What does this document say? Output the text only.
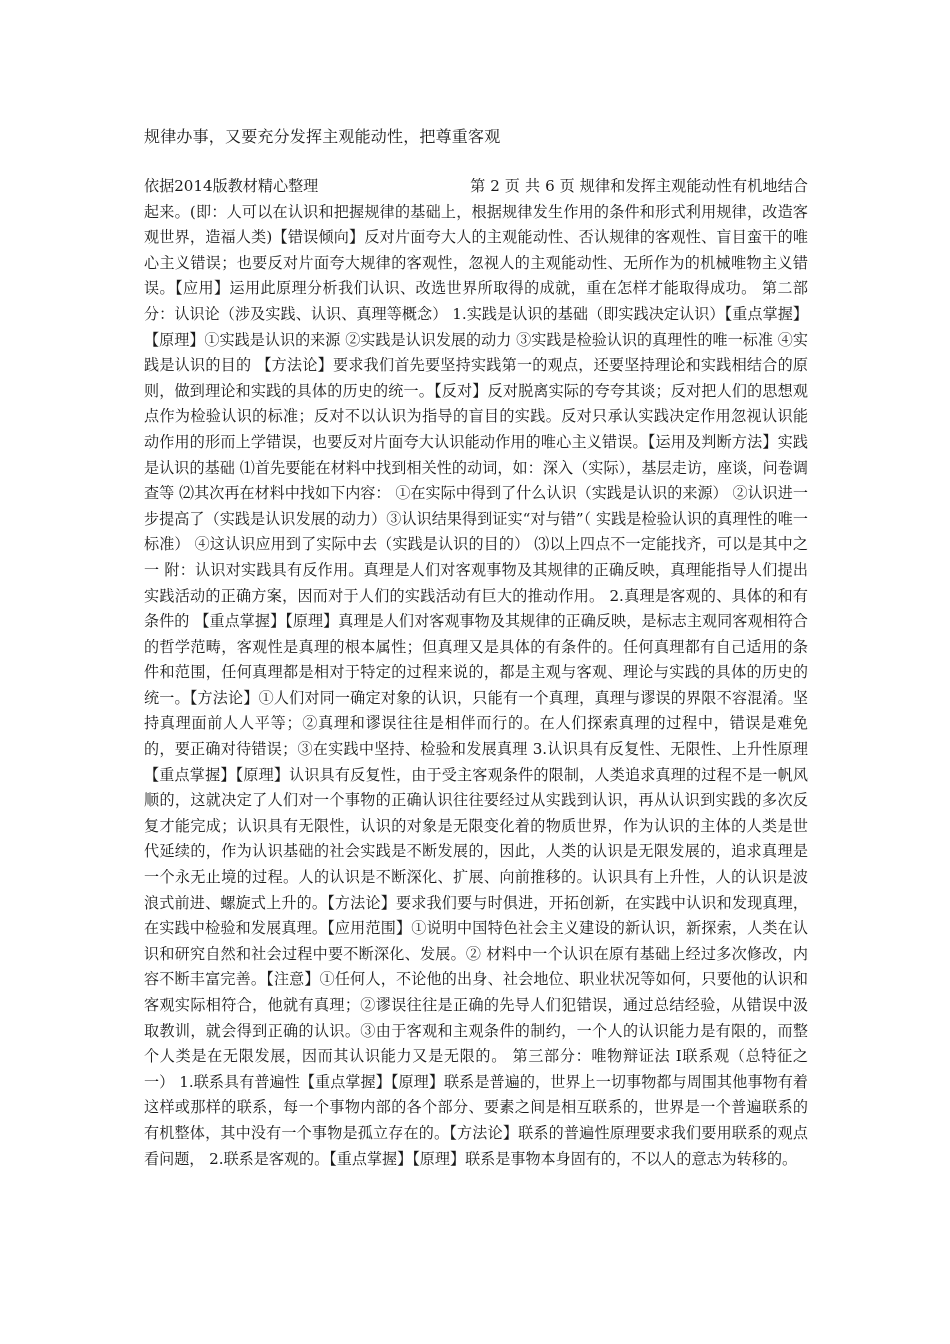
规律办事，又要充分发挥主观能动性，把尊重客观
依据2014版教材精心整理	第 2 页 共 6 页 规律和发挥主观能动性有机地结合起来。(即：人可以在认识和把握规律的基础上，根据规律发生作用的条件和形式利用规律，改造客观世界，造福人类)【错误倾向】反对片面夸大人的主观能动性、否认规律的客观性、盲目蛮干的唯心主义错误；也要反对片面夸大规律的客观性，忽视人的主观能动性、无所作为的机械唯物主义错误。【应用】运用此原理分析我们认识、改选世界所取得的成就，重在怎样才能取得成功。 第二部分：认识论（涉及实践、认识、真理等概念） 1.实践是认识的基础（即实践决定认识）【重点掌握】【原理】①实践是认识的来源 ②实践是认识发展的动力 ③实践是检验认识的真理性的唯一标准 ④实践是认识的目的 【方法论】要求我们首先要坚持实践第一的观点，还要坚持理论和实践相结合的原则，做到理论和实践的具体的历史的统一。【反对】反对脱离实际的夸夸其谈；反对把人们的思想观点作为检验认识的标准；反对不以认识为指导的盲目的实践。反对只承认实践决定作用忽视认识能动作用的形而上学错误，也要反对片面夸大认识能动作用的唯心主义错误。【运用及判断方法】实践是认识的基础 ⑴首先要能在材料中找到相关性的动词，如：深入（实际），基层走访，座谈，问卷调查等 ⑵其次再在材料中找如下内容： ①在实际中得到了什么认识（实践是认识的来源） ②认识进一步提高了（实践是认识发展的动力）③认识结果得到证实“对与错”（ 实践是检验认识的真理性的唯一标准） ④这认识应用到了实际中去（实践是认识的目的） ⑶以上四点不一定能找齐，可以是其中之一 附：认识对实践具有反作用。真理是人们对客观事物及其规律的正确反映，真理能指导人们提出实践活动的正确方案，因而对于人们的实践活动有巨大的推动作用。 2.真理是客观的、具体的和有条件的 【重点掌握】【原理】真理是人们对客观事物及其规律的正确反映，是标志主观同客观相符合的哲学范畴，客观性是真理的根本属性；但真理又是具体的有条件的。任何真理都有自己适用的条件和范围，任何真理都是相对于特定的过程来说的，都是主观与客观、理论与实践的具体的历史的统一。【方法论】①人们对同一确定对象的认识，只能有一个真理，真理与谬误的界限不容混淆。坚持真理面前人人平等；②真理和谬误往往是相伴而行的。在人们探索真理的过程中，错误是难免的，要正确对待错误；③在实践中坚持、检验和发展真理 3.认识具有反复性、无限性、上升性原理 【重点掌握】【原理】认识具有反复性，由于受主客观条件的限制，人类追求真理的过程不是一帆风顺的，这就决定了人们对一个事物的正确认识往往要经过从实践到认识，再从认识到实践的多次反复才能完成；认识具有无限性，认识的对象是无限变化着的物质世界，作为认识的主体的人类是世代延续的，作为认识基础的社会实践是不断发展的，因此，人类的认识是无限发展的，追求真理是一个永无止境的过程。人的认识是不断深化、扩展、向前推移的。认识具有上升性，人的认识是波浪式前进、螺旋式上升的。【方法论】要求我们要与时俱进，开拓创新，在实践中认识和发现真理，在实践中检验和发展真理。【应用范围】①说明中国特色社会主义建设的新认识，新探索，人类在认识和研究自然和社会过程中要不断深化、发展。② 材料中一个认识在原有基础上经过多次修改，内容不断丰富完善。【注意】①任何人，不论他的出身、社会地位、职业状况等如何，只要他的认识和客观实际相符合，他就有真理；②谬误往往是正确的先导人们犯错误，通过总结经验，从错误中汲取教训，就会得到正确的认识。③由于客观和主观条件的制约，一个人的认识能力是有限的，而整个人类是在无限发展，因而其认识能力又是无限的。 第三部分：唯物辩证法 Ⅰ联系观（总特征之一） 1.联系具有普遍性【重点掌握】【原理】联系是普遍的，世界上一切事物都与周围其他事物有着这样或那样的联系，每一个事物内部的各个部分、要素之间是相互联系的，世界是一个普遍联系的有机整体，其中没有一个事物是孤立存在的。【方法论】联系的普遍性原理要求我们要用联系的观点看问题， 2.联系是客观的。【重点掌握】【原理】联系是事物本身固有的，不以人的意志为转移的。
